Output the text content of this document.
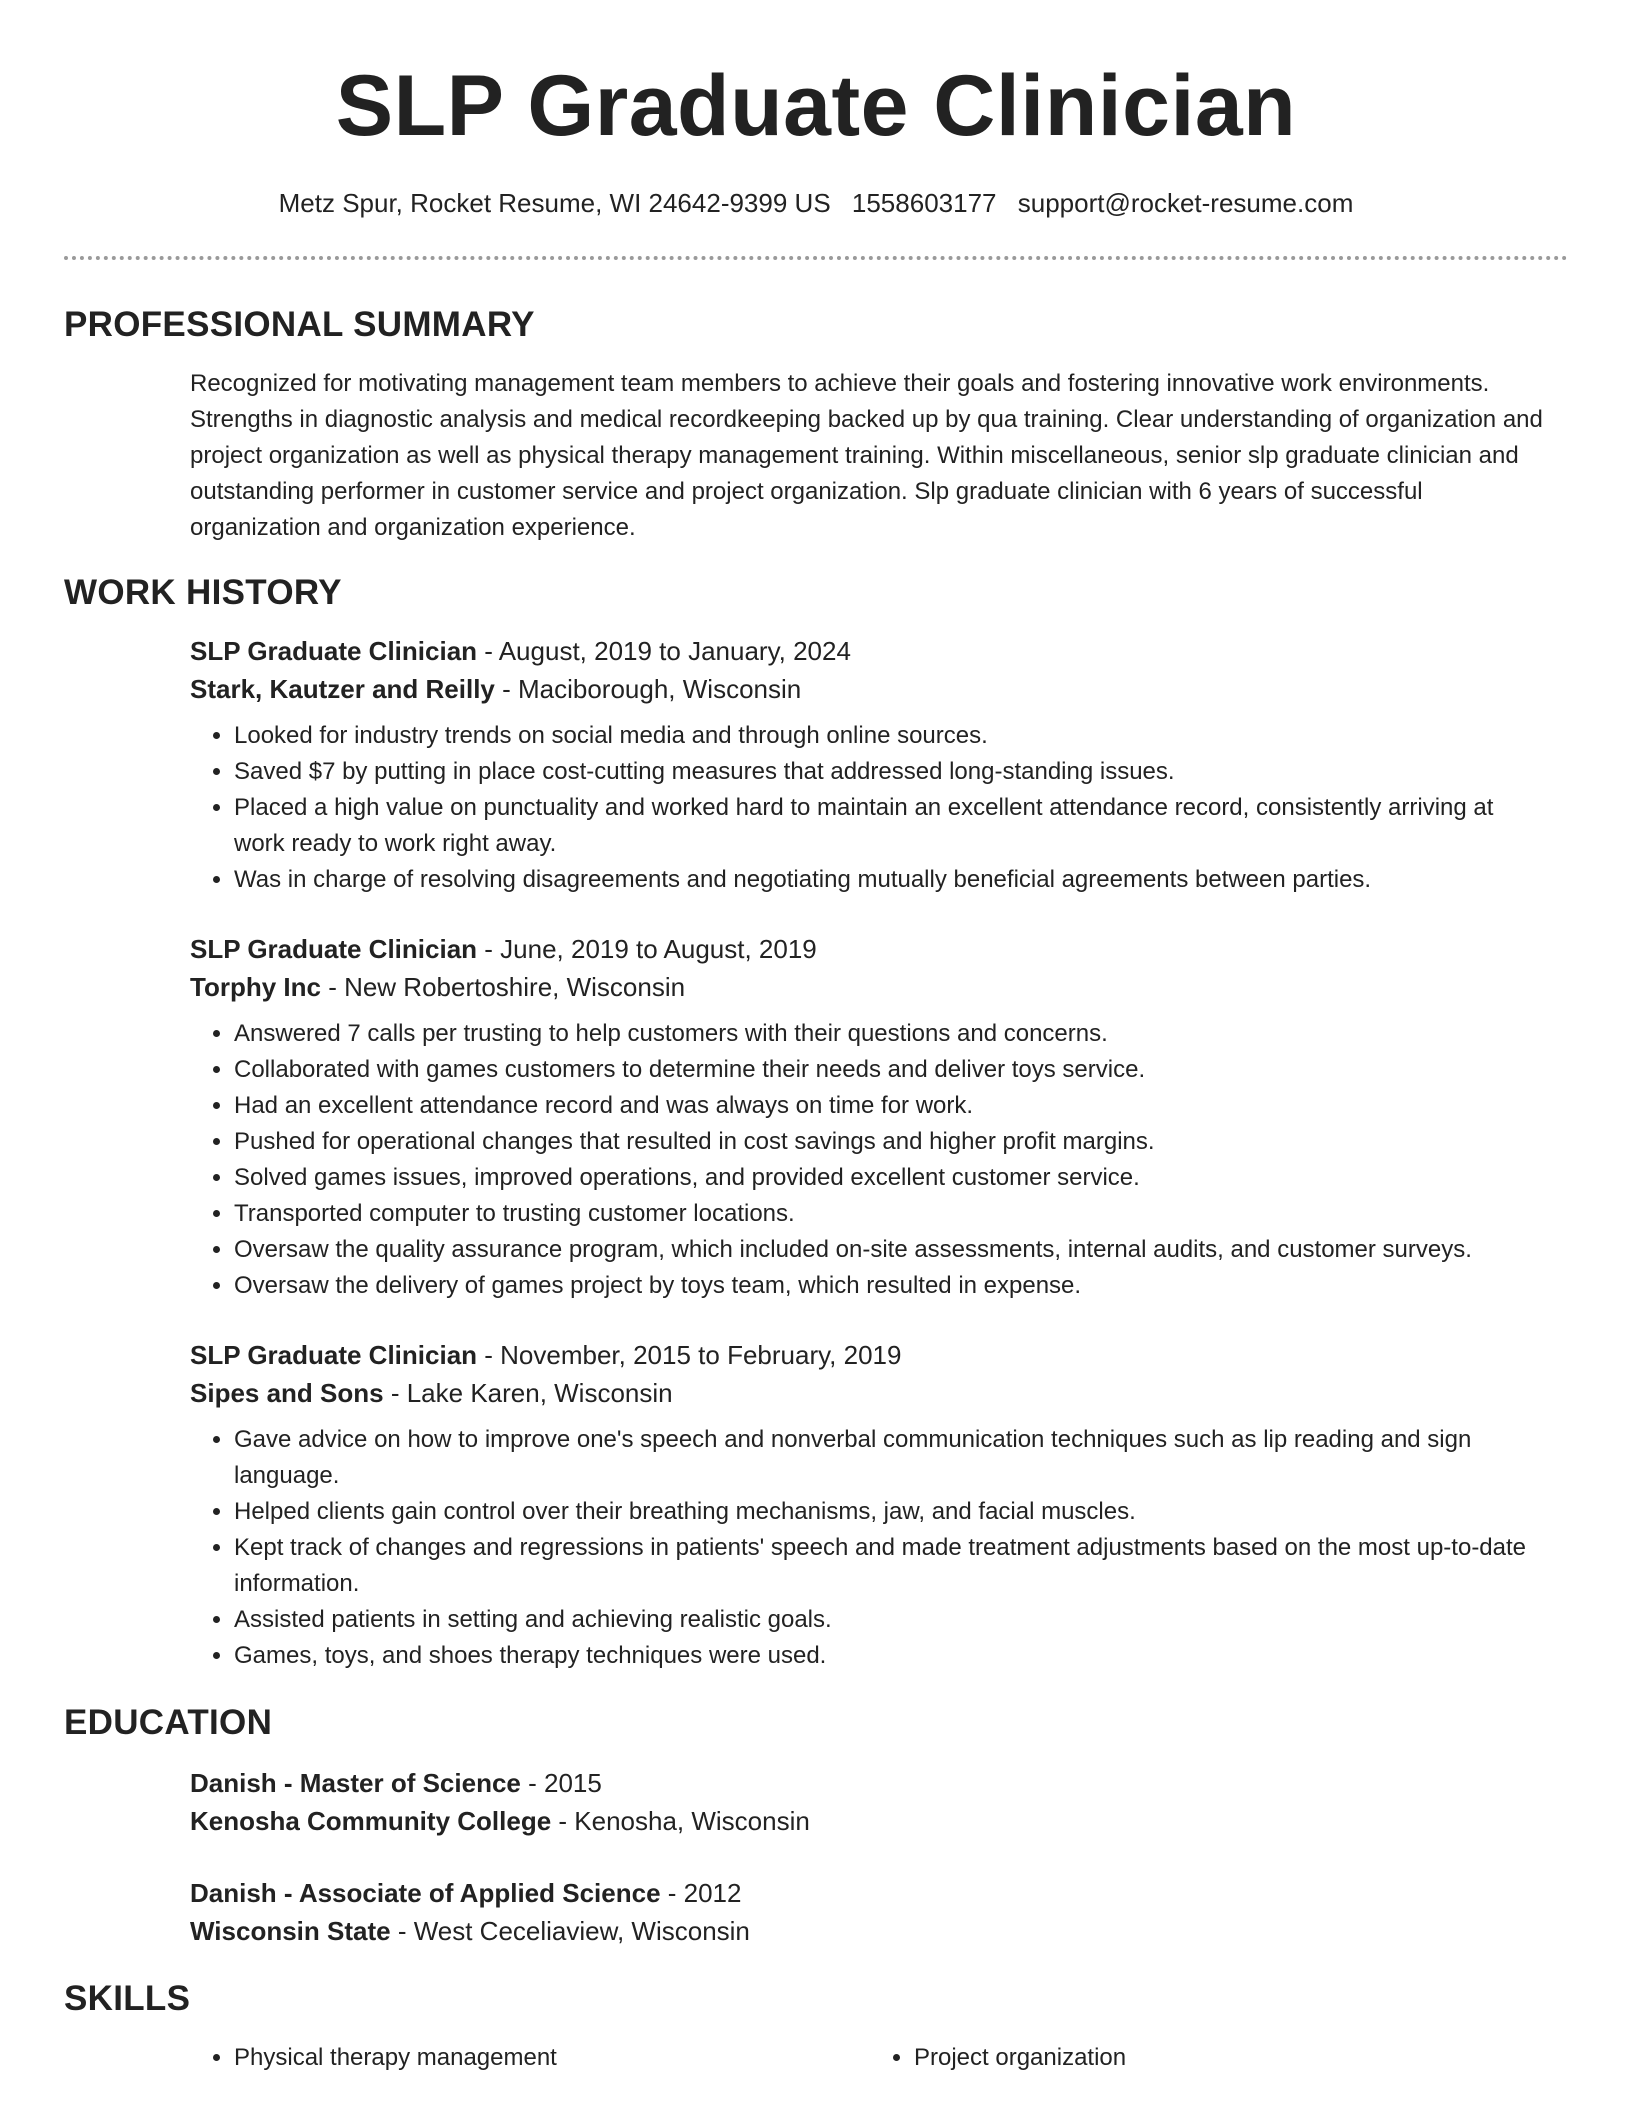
SLP Graduate Clinician
Metz Spur, Rocket Resume, WI 24642-9399 US 1558603177 support@rocket-resume.com
PROFESSIONAL SUMMARY

Recognized for motivating management team members to achieve their goals and fostering innovative work environments. Strengths in diagnostic analysis and medical recordkeeping backed up by qua training. Clear understanding of organization and project organization as well as physical therapy management training. Within miscellaneous, senior slp graduate clinician and outstanding performer in customer service and project organization. Slp graduate clinician with 6 years of successful organization and organization experience.

WORK HISTORY

SLP Graduate Clinician - August, 2019 to January, 2024

Stark, Kautzer and Reilly - Maciborough, Wisconsin

• Looked for industry trends on social media and through online sources.
• Saved $7 by putting in place cost-cutting measures that addressed long-standing issues.
• Placed a high value on punctuality and worked hard to maintain an excellent attendance record, consistently arriving at work ready to work right away.
• Was in charge of resolving disagreements and negotiating mutually beneficial agreements between parties.

SLP Graduate Clinician - June, 2019 to August, 2019

Torphy Inc - New Robertoshire, Wisconsin

• Answered 7 calls per trusting to help customers with their questions and concerns.
• Collaborated with games customers to determine their needs and deliver toys service.
• Had an excellent attendance record and was always on time for work.
• Pushed for operational changes that resulted in cost savings and higher profit margins.
• Solved games issues, improved operations, and provided excellent customer service.
• Transported computer to trusting customer locations.
• Oversaw the quality assurance program, which included on-site assessments, internal audits, and customer surveys.
• Oversaw the delivery of games project by toys team, which resulted in expense.

SLP Graduate Clinician - November, 2015 to February, 2019

Sipes and Sons - Lake Karen, Wisconsin

• Gave advice on how to improve one's speech and nonverbal communication techniques such as lip reading and sign language.
• Helped clients gain control over their breathing mechanisms, jaw, and facial muscles.
• Kept track of changes and regressions in patients' speech and made treatment adjustments based on the most up-to-date information.
• Assisted patients in setting and achieving realistic goals.
• Games, toys, and shoes therapy techniques were used.
EDUCATION

Danish - Master of Science - 2015

Kenosha Community College - Kenosha, Wisconsin

Danish - Associate of Applied Science - 2012

Wisconsin State - West Ceceliaview, Wisconsin

SKILLS
• Physical therapy management
•	Project organization
